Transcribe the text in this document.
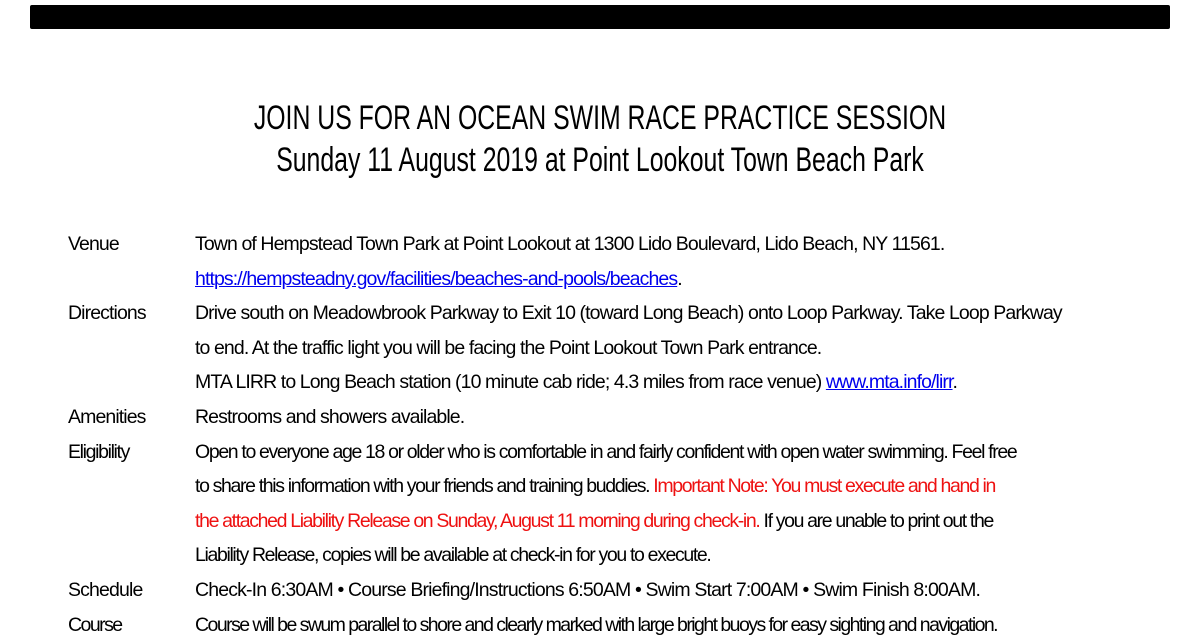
JOIN US FOR AN OCEAN SWIM RACE PRACTICE SESSION
Sunday 11 August 2019 at Point Lookout Town Beach Park
Venue	Town of Hempstead Town Park at Point Lookout at 1300 Lido Boulevard, Lido Beach, NY 11561.
https://hempsteadny.gov/facilities/beaches-and-pools/beaches.
Directions	Drive south on Meadowbrook Parkway to Exit 10 (toward Long Beach) onto Loop Parkway. Take Loop Parkway
to end. At the traffic light you will be facing the Point Lookout Town Park entrance.
MTA LIRR to Long Beach station (10 minute cab ride; 4.3 miles from race venue) www.mta.info/lirr.
Amenities	Restrooms and showers available.
Eligibility	Open to everyone age 18 or older who is comfortable in and fairly confident with open water swimming. Feel free
to share this information with your friends and training buddies. Important Note: You must execute and hand in
the attached Liability Release on Sunday, August 11 morning during check-in. If you are unable to print out the
Liability Release, copies will be available at check-in for you to execute.
Schedule	Check-In 6:30AM • Course Briefing/Instructions 6:50AM • Swim Start 7:00AM • Swim Finish 8:00AM.
Course	Course will be swum parallel to shore and clearly marked with large bright buoys for easy sighting and navigation.
